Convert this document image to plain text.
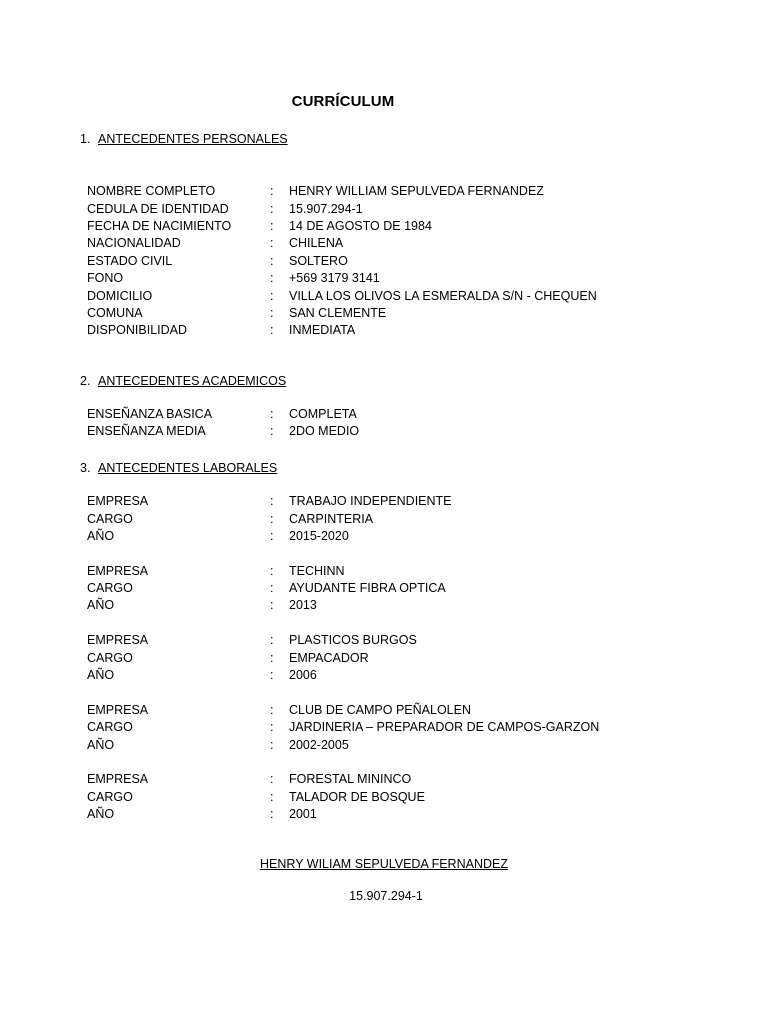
CURRÍCULUM
1. ANTECEDENTES PERSONALES
NOMBRE COMPLETO	: HENRY WILLIAM SEPULVEDA FERNANDEZ
CEDULA DE IDENTIDAD	: 15.907.294-1
FECHA DE NACIMIENTO	: 14 DE AGOSTO DE 1984
NACIONALIDAD	: CHILENA
ESTADO CIVIL	: SOLTERO
FONO	: +569 3179 3141
DOMICILIO	: VILLA LOS OLIVOS LA ESMERALDA S/N - CHEQUEN
COMUNA	: SAN CLEMENTE
DISPONIBILIDAD	: INMEDIATA
2. ANTECEDENTES ACADEMICOS
ENSEÑANZA BASICA	: COMPLETA
ENSEÑANZA MEDIA	: 2DO MEDIO
3. ANTECEDENTES LABORALES
EMPRESA	: TRABAJO INDEPENDIENTE
CARGO	: CARPINTERIA
AÑO	: 2015-2020
EMPRESA	: TECHINN
CARGO	: AYUDANTE FIBRA OPTICA
AÑO	: 2013
EMPRESA	: PLASTICOS BURGOS
CARGO	: EMPACADOR
AÑO	: 2006
EMPRESA	: CLUB DE CAMPO PEÑALOLEN
CARGO	: JARDINERIA – PREPARADOR DE CAMPOS-GARZON
AÑO	: 2002-2005
EMPRESA	: FORESTAL MININCO
CARGO	: TALADOR DE BOSQUE
AÑO	: 2001
HENRY WILIAM SEPULVEDA FERNANDEZ
15.907.294-1
